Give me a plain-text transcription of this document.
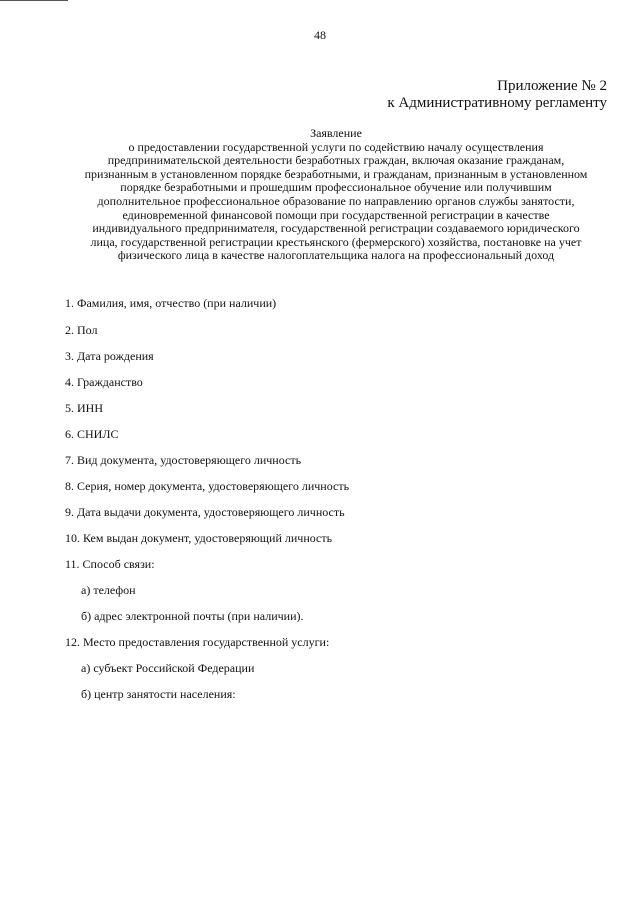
48
Приложение № 2
к Административному регламенту
Заявление
о предоставлении государственной услуги по содействию началу осуществления
предпринимательской деятельности безработных граждан, включая оказание гражданам,
признанным в установленном порядке безработными, и гражданам, признанным в установленном
порядке безработными и прошедшим профессиональное обучение или получившим
дополнительное профессиональное образование по направлению органов службы занятости,
единовременной финансовой помощи при государственной регистрации в качестве
индивидуального предпринимателя, государственной регистрации создаваемого юридического
лица, государственной регистрации крестьянского (фермерского) хозяйства, постановке на учет
физического лица в качестве налогоплательщика налога на профессиональный доход
1. Фамилия, имя, отчество (при наличии)
2. Пол
3. Дата рождения
4. Гражданство
5. ИНН
6. СНИЛС
7. Вид документа, удостоверяющего личность
8. Серия, номер документа, удостоверяющего личность
9. Дата выдачи документа, удостоверяющего личность
10. Кем выдан документ, удостоверяющий личность
11. Способ связи:
а) телефон
б) адрес электронной почты (при наличии).
12. Место предоставления государственной услуги:
а) субъект Российской Федерации
б) центр занятости населения:
